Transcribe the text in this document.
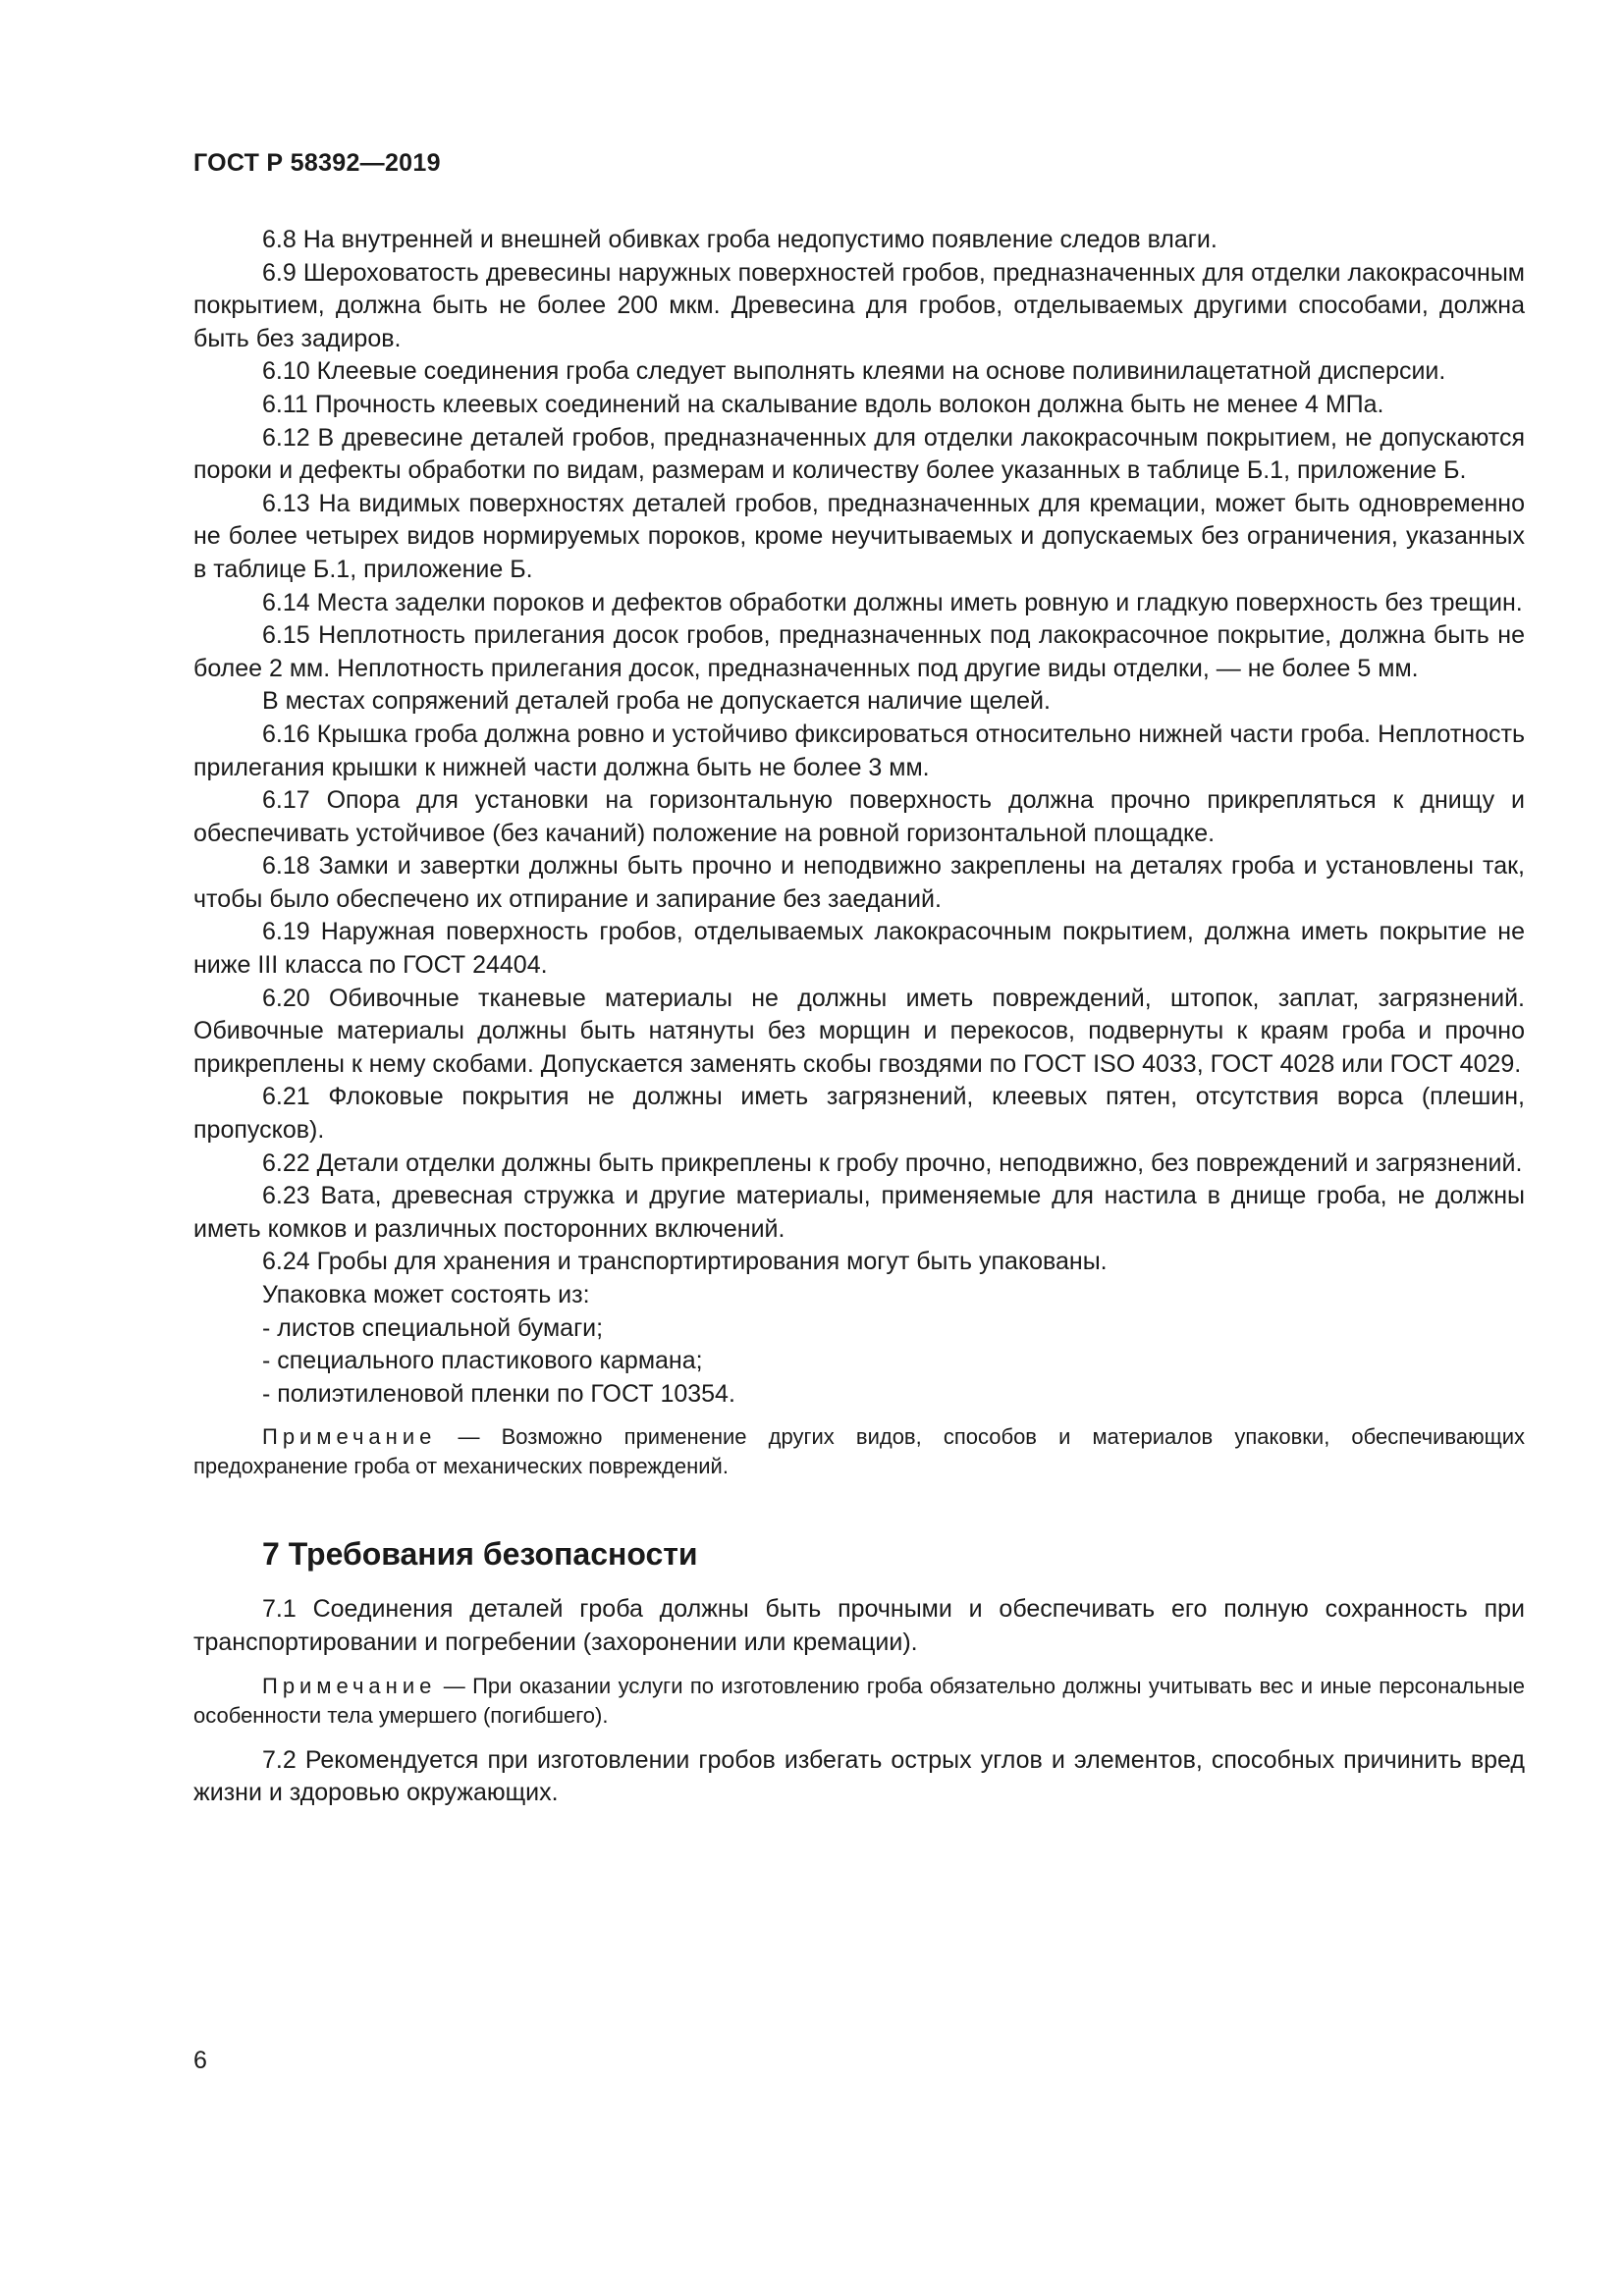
ГОСТ Р 58392—2019

6.8 На внутренней и внешней обивках гроба недопустимо появление следов влаги.

6.9 Шероховатость древесины наружных поверхностей гробов, предназначенных для отделки лакокрасочным покрытием, должна быть не более 200 мкм. Древесина для гробов, отделываемых другими способами, должна быть без задиров.

6.10 Клеевые соединения гроба следует выполнять клеями на основе поливинилацетатной дисперсии.

6.11 Прочность клеевых соединений на скалывание вдоль волокон должна быть не менее 4 МПа.

6.12 В древесине деталей гробов, предназначенных для отделки лакокрасочным покрытием, не допускаются пороки и дефекты обработки по видам, размерам и количеству более указанных в таблице Б.1, приложение Б.

6.13 На видимых поверхностях деталей гробов, предназначенных для кремации, может быть одновременно не более четырех видов нормируемых пороков, кроме неучитываемых и допускаемых без ограничения, указанных в таблице Б.1, приложение Б.

6.14 Места заделки пороков и дефектов обработки должны иметь ровную и гладкую поверхность без трещин.

6.15 Неплотность прилегания досок гробов, предназначенных под лакокрасочное покрытие, должна быть не более 2 мм. Неплотность прилегания досок, предназначенных под другие виды отделки, — не более 5 мм.

В местах сопряжений деталей гроба не допускается наличие щелей.

6.16 Крышка гроба должна ровно и устойчиво фиксироваться относительно нижней части гроба. Неплотность прилегания крышки к нижней части должна быть не более 3 мм.

6.17 Опора для установки на горизонтальную поверхность должна прочно прикрепляться к днищу и обеспечивать устойчивое (без качаний) положение на ровной горизонтальной площадке.

6.18 Замки и завертки должны быть прочно и неподвижно закреплены на деталях гроба и установлены так, чтобы было обеспечено их отпирание и запирание без заеданий.

6.19 Наружная поверхность гробов, отделываемых лакокрасочным покрытием, должна иметь покрытие не ниже III класса по ГОСТ 24404.

6.20 Обивочные тканевые материалы не должны иметь повреждений, штопок, заплат, загрязнений. Обивочные материалы должны быть натянуты без морщин и перекосов, подвернуты к краям гроба и прочно прикреплены к нему скобами. Допускается заменять скобы гвоздями по ГОСТ ISO 4033, ГОСТ 4028 или ГОСТ 4029.

6.21 Флоковые покрытия не должны иметь загрязнений, клеевых пятен, отсутствия ворса (плешин, пропусков).

6.22 Детали отделки должны быть прикреплены к гробу прочно, неподвижно, без повреждений и загрязнений.

6.23 Вата, древесная стружка и другие материалы, применяемые для настила в днище гроба, не должны иметь комков и различных посторонних включений.

6.24 Гробы для хранения и транспортиртирования могут быть упакованы.

Упаковка может состоять из:

- листов специальной бумаги;

- специального пластикового кармана;

- полиэтиленовой пленки по ГОСТ 10354.

Примечание — Возможно применение других видов, способов и материалов упаковки, обеспечивающих предохранение гроба от механических повреждений.

7 Требования безопасности

7.1 Соединения деталей гроба должны быть прочными и обеспечивать его полную сохранность при транспортировании и погребении (захоронении или кремации).

Примечание — При оказании услуги по изготовлению гроба обязательно должны учитывать вес и иные персональные особенности тела умершего (погибшего).

7.2 Рекомендуется при изготовлении гробов избегать острых углов и элементов, способных причинить вред жизни и здоровью окружающих.

6
